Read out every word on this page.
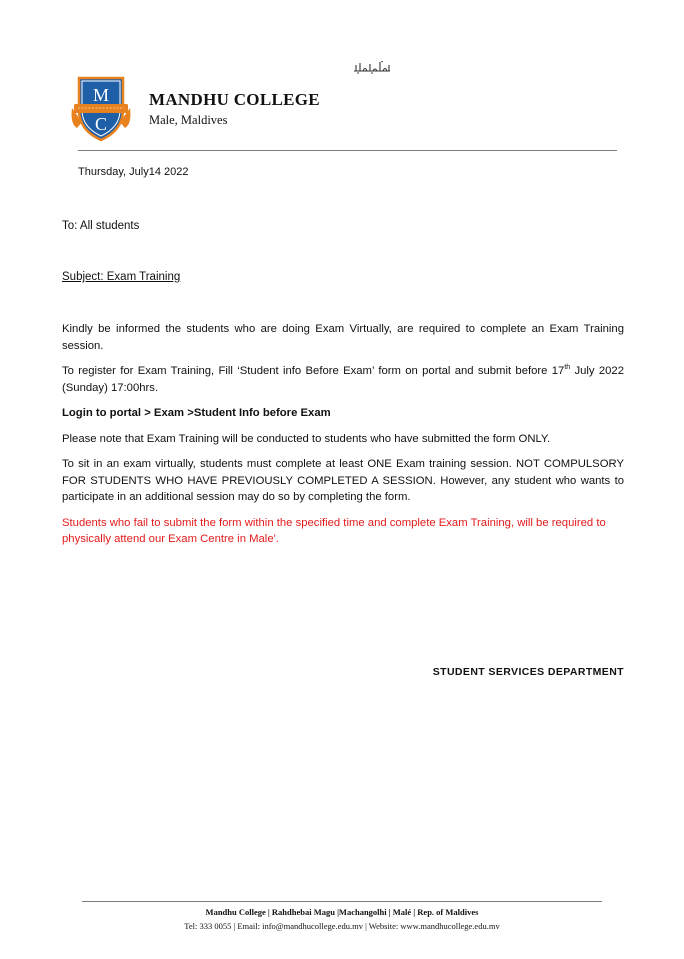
M
C
MANDHU COLLEGE
Male, Maldives
Thursday, July14 2022
To: All students
Subject: Exam Training

Kindly be informed the students who are doing Exam Virtually, are required to complete an Exam Training session.

To register for Exam Training, Fill ‘Student info Before Exam’ form on portal and submit before 17th July 2022 (Sunday) 17:00hrs.

Login to portal > Exam >Student Info before Exam

Please note that Exam Training will be conducted to students who have submitted the form ONLY.

To sit in an exam virtually, students must complete at least ONE Exam training session. NOT COMPULSORY FOR STUDENTS WHO HAVE PREVIOUSLY COMPLETED A SESSION. However, any student who wants to participate in an additional session may do so by completing the form.

Students who fail to submit the form within the specified time and complete Exam Training, will be required to physically attend our Exam Centre in Male'.

STUDENT SERVICES DEPARTMENT
Mandhu College | Rahdhebai Magu |Machangolhi | Malé | Rep. of Maldives
Tel: 333 0055 | Email: info@mandhucollege.edu.mv | Website: www.mandhucollege.edu.mv
